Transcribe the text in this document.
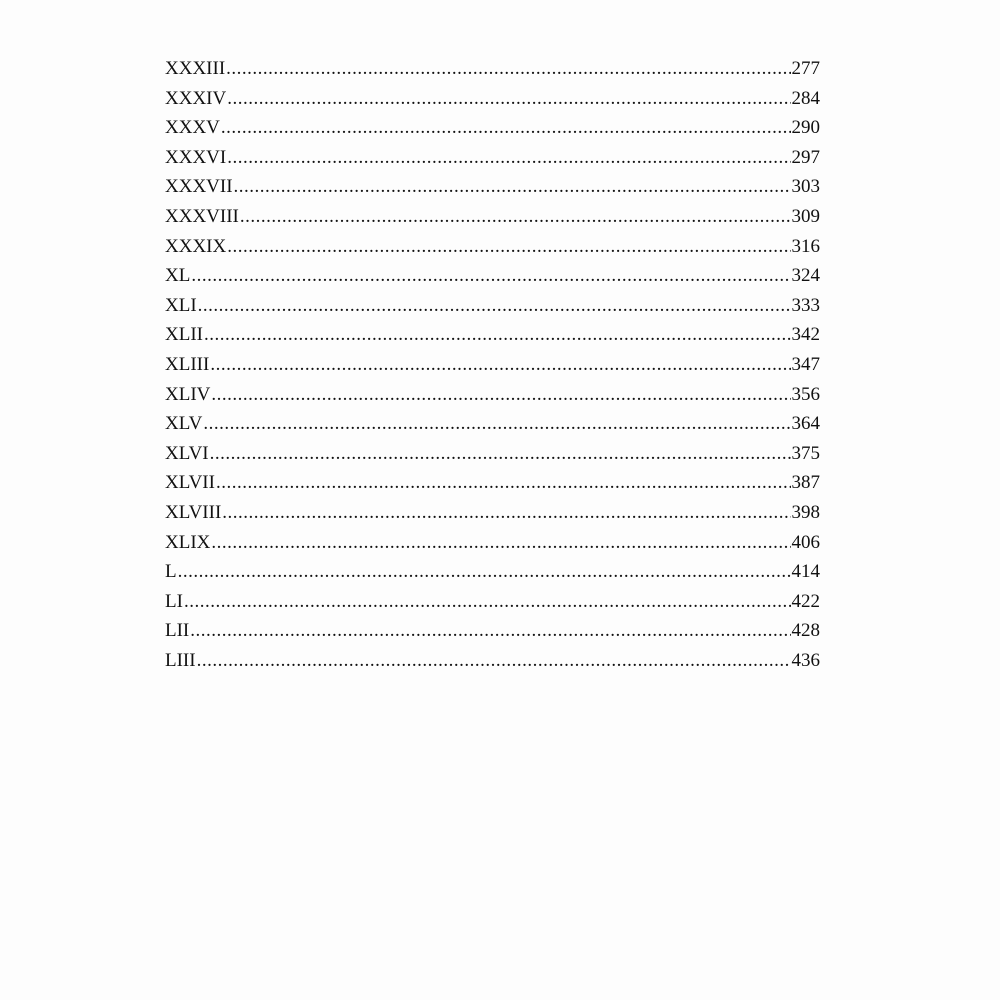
XXXIII .....	277
XXXIV .....	284
XXXV .....	290
XXXVI .....	297
XXXVII .....	303
XXXVIII .....	309
XXXIX .....	316
XL .....	324
XLI .....	333
XLII .....	342
XLIII .....	347
XLIV .....	356
XLV .....	364
XLVI .....	375
XLVII .....	387
XLVIII .....	398
XLIX .....	406
L .....	414
LI .....	422
LII .....	428
LIII .....	436
